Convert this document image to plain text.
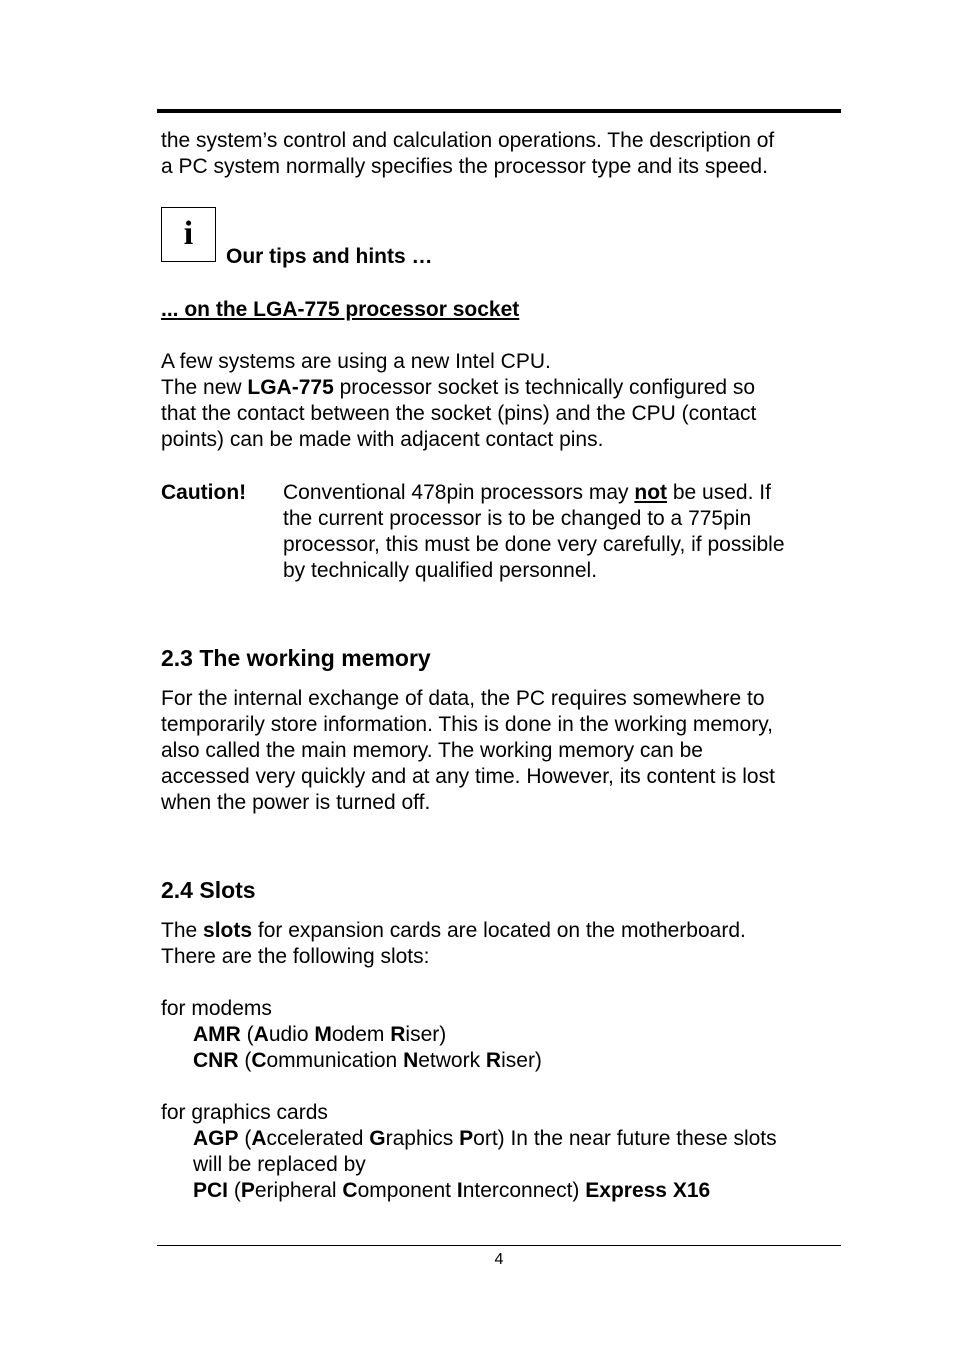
the system’s control and calculation operations. The description of

a PC system normally specifies the processor type and its speed.

i
Our tips and hints …
... on the LGA-775 processor socket

A few systems are using a new Intel CPU.

The new LGA-775 processor socket is technically configured so

that the contact between the socket (pins) and the CPU (contact

points) can be made with adjacent contact pins.

Caution! Conventional 478pin processors may not be used. If

the current processor is to be changed to a 775pin

processor, this must be done very carefully, if possible

by technically qualified personnel.

2.3 The working memory

For the internal exchange of data, the PC requires somewhere to

temporarily store information. This is done in the working memory,

also called the main memory. The working memory can be

accessed very quickly and at any time. However, its content is lost

when the power is turned off.

2.4 Slots

The slots for expansion cards are located on the motherboard.

There are the following slots:

for modems

AMR (Audio Modem Riser)

CNR (Communication Network Riser)

for graphics cards

AGP (Accelerated Graphics Port) In the near future these slots

will be replaced by

PCI (Peripheral Component Interconnect) Express X16

4
